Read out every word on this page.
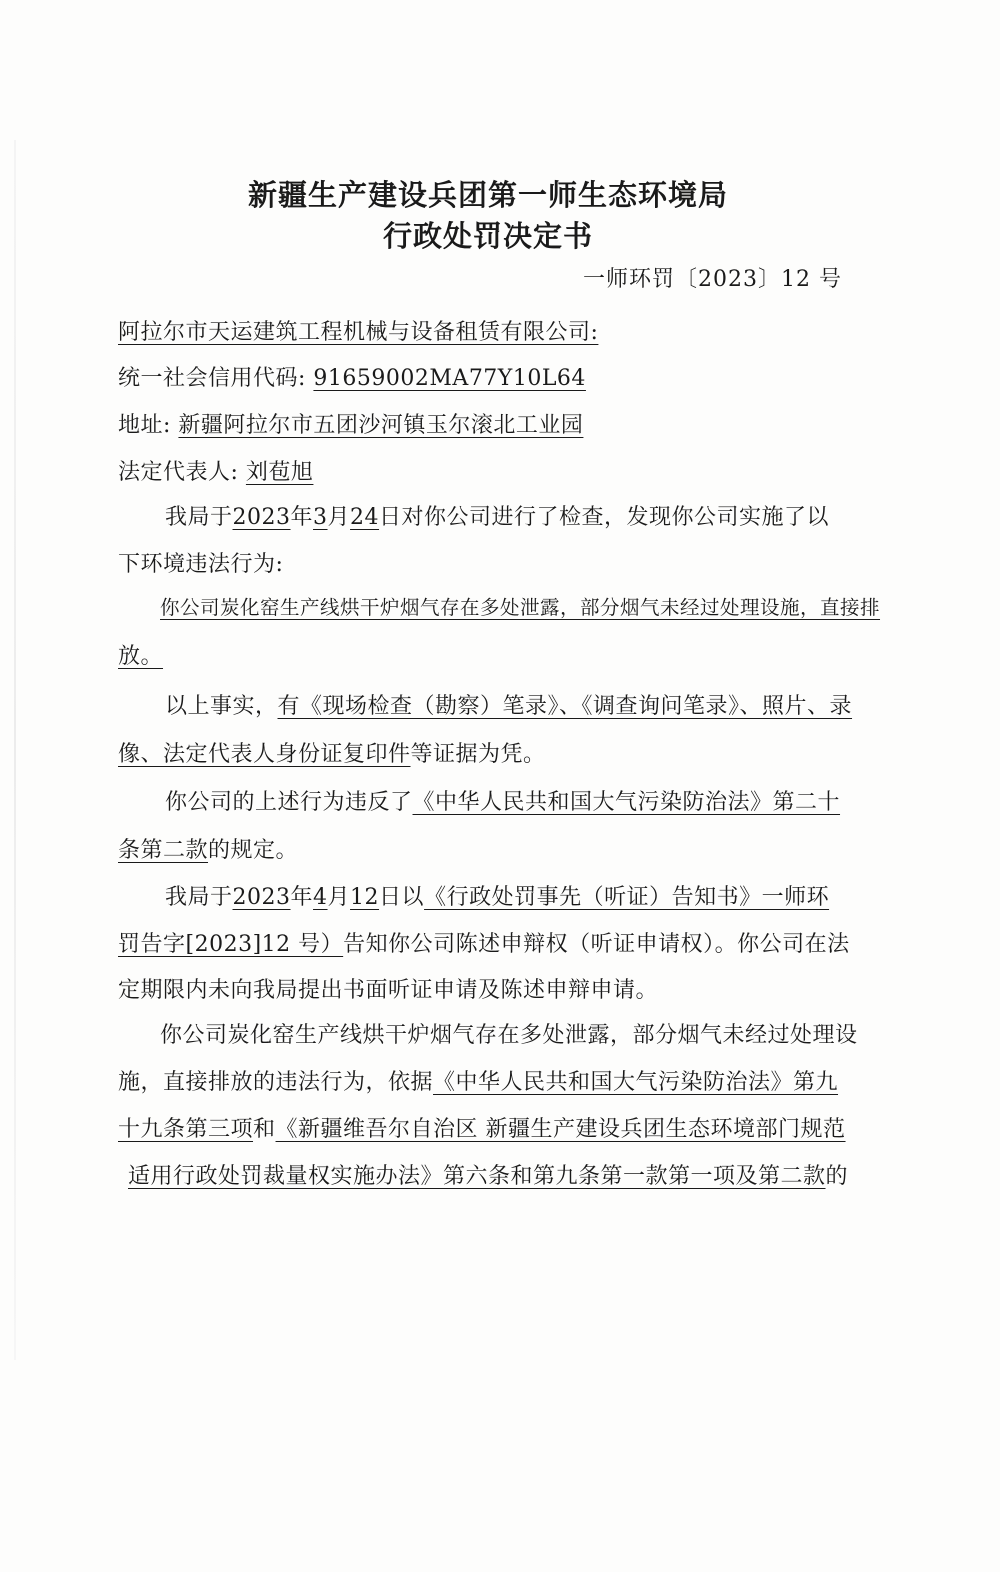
新疆生产建设兵团第一师生态环境局
行政处罚决定书
一师环罚〔2023〕12 号
阿拉尔市天运建筑工程机械与设备租赁有限公司:
统一社会信用代码: 91659002MA77Y10L64
地址: 新疆阿拉尔市五团沙河镇玉尔滚北工业园
法定代表人: 刘苞旭
我局于2023年3月24日对你公司进行了检查，发现你公司实施了以
下环境违法行为:
你公司炭化窑生产线烘干炉烟气存在多处泄露，部分烟气未经过处理设施，直接排
放。
以上事实，有《现场检查（勘察）笔录》、《调查询问笔录》、照片、录
像、法定代表人身份证复印件等证据为凭。
你公司的上述行为违反了《中华人民共和国大气污染防治法》第二十
条第二款的规定。
我局于2023年4月12日以《行政处罚事先（听证）告知书》一师环
罚告字[2023]12 号）告知你公司陈述申辩权（听证申请权）。你公司在法
定期限内未向我局提出书面听证申请及陈述申辩申请。
你公司炭化窑生产线烘干炉烟气存在多处泄露，部分烟气未经过处理设
施，直接排放的违法行为，依据《中华人民共和国大气污染防治法》第九
十九条第三项和《新疆维吾尔自治区 新疆生产建设兵团生态环境部门规范
适用行政处罚裁量权实施办法》第六条和第九条第一款第一项及第二款的
